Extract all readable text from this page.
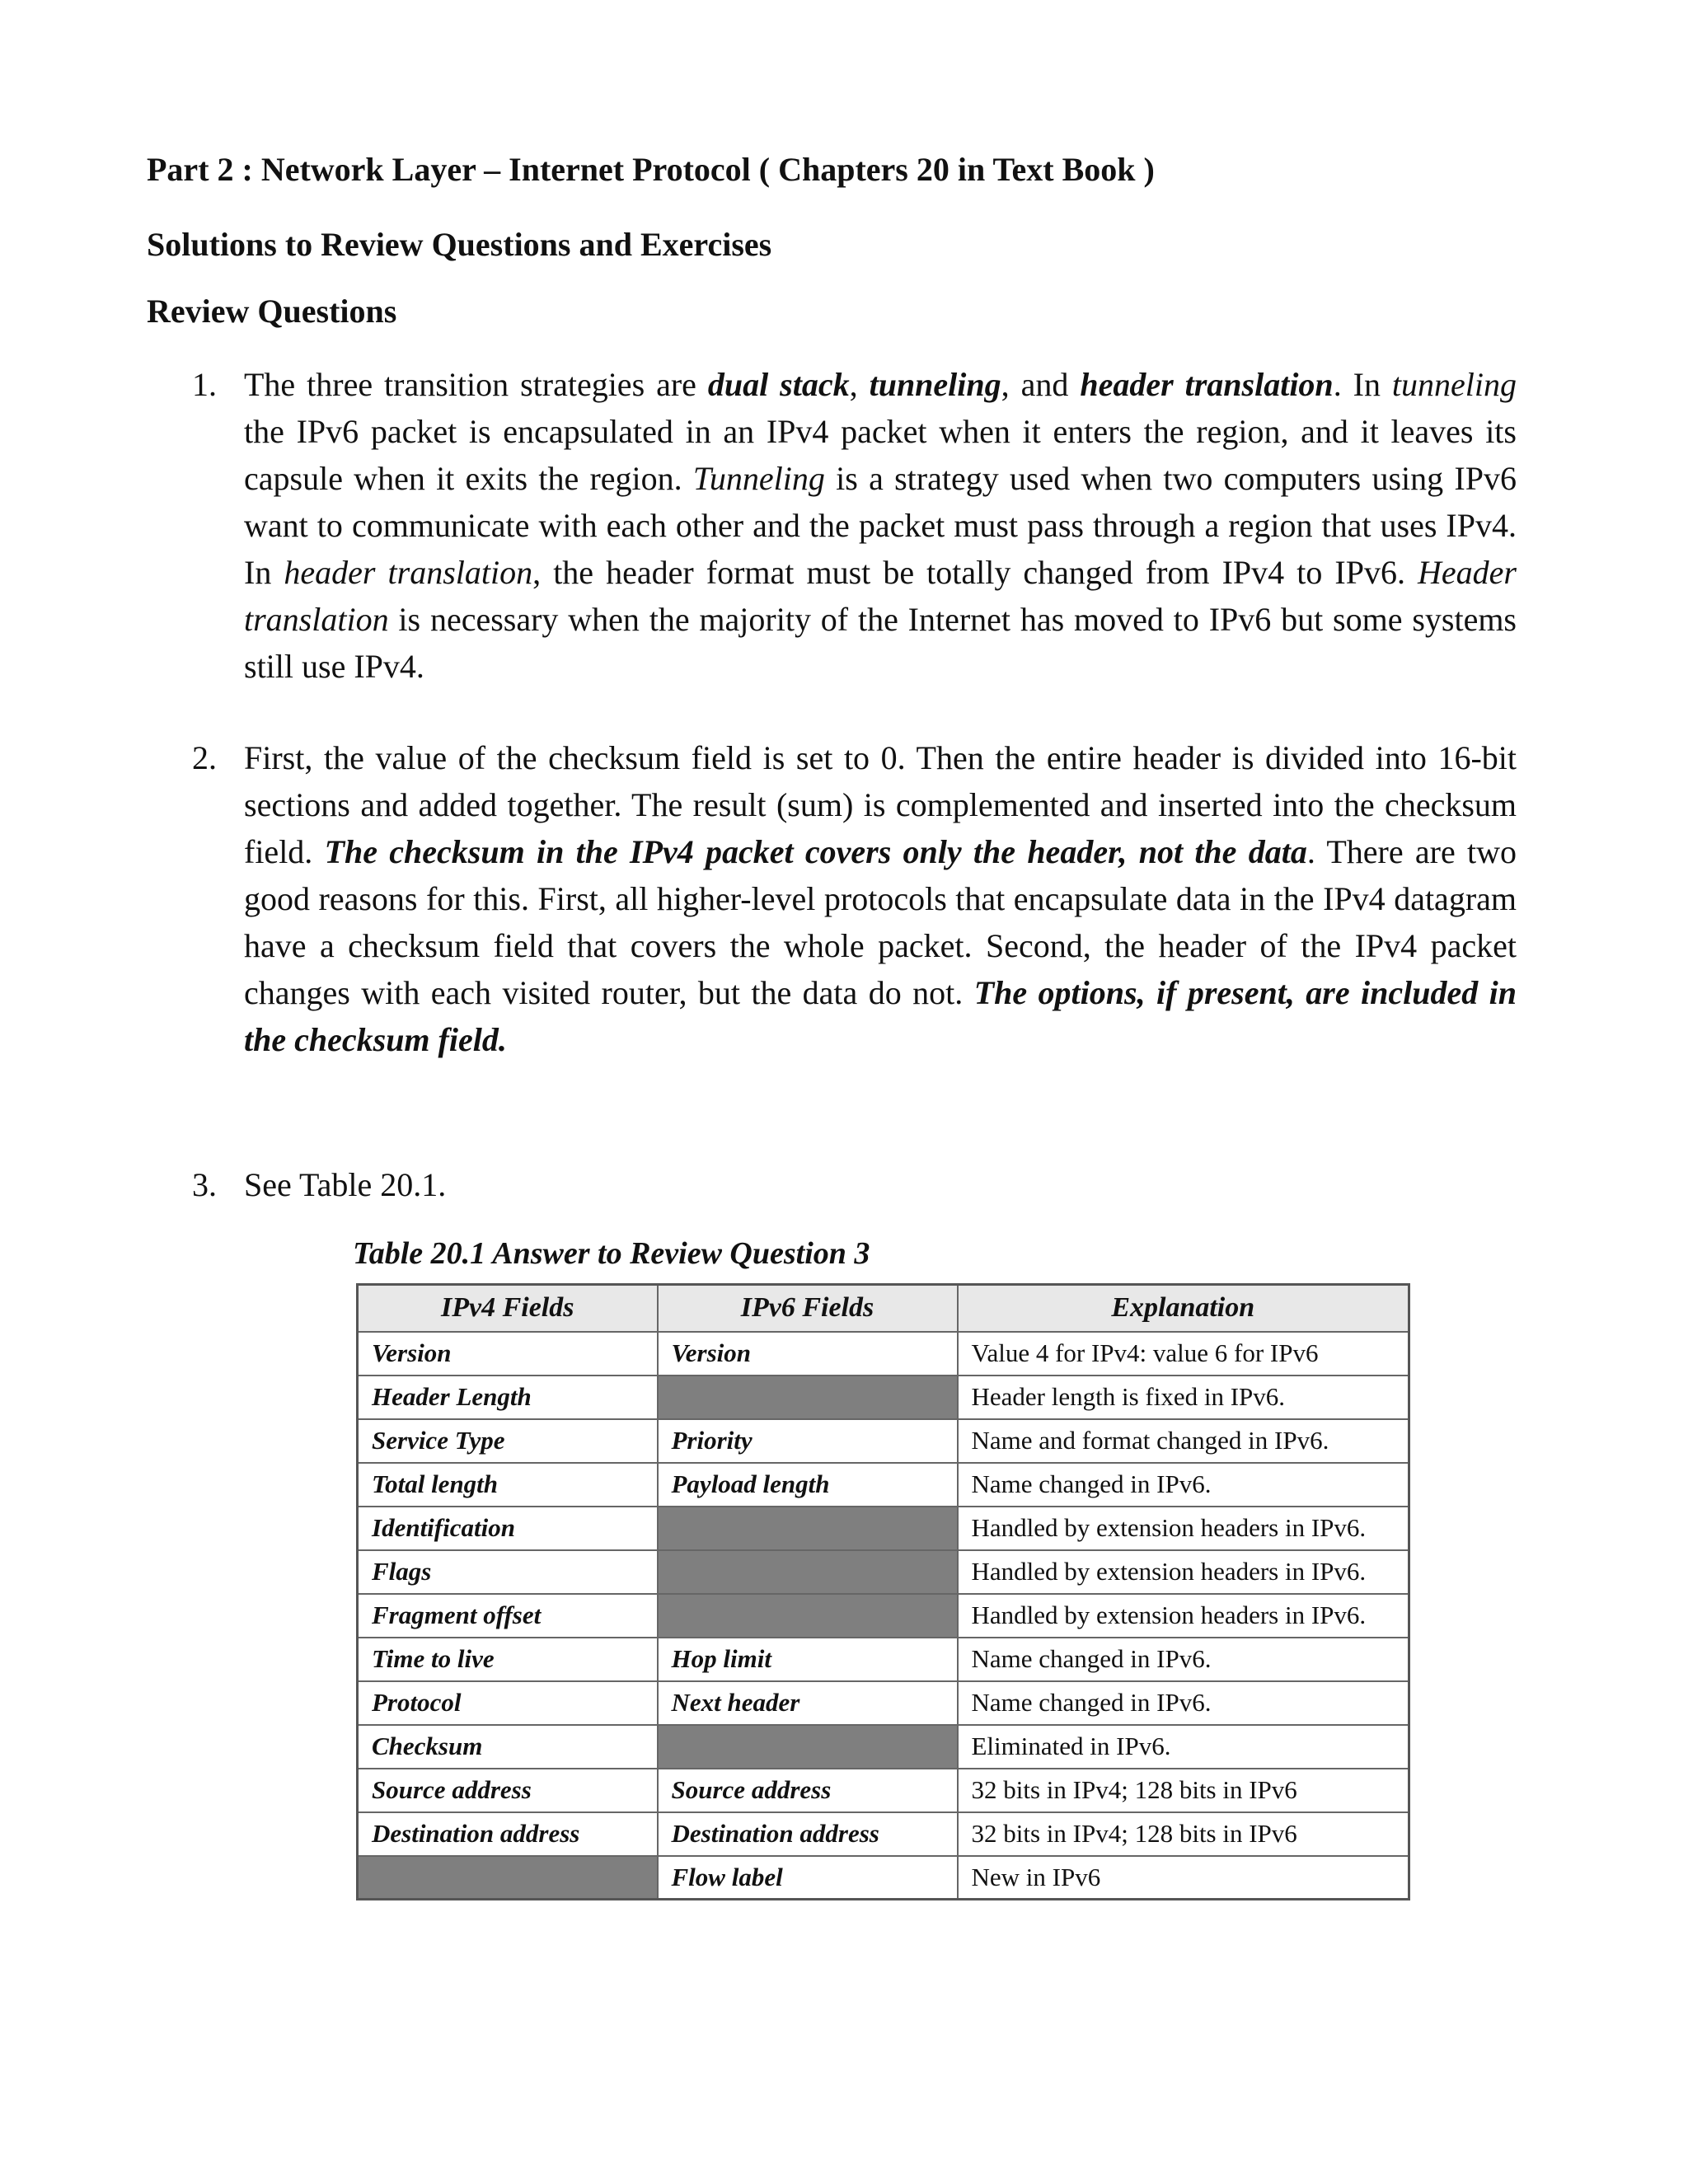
Part 2 : Network Layer – Internet Protocol ( Chapters 20 in Text Book )
Solutions to Review Questions and Exercises
Review Questions
1. The three transition strategies are dual stack, tunneling, and header translation. In tunneling the IPv6 packet is encapsulated in an IPv4 packet when it enters the region, and it leaves its capsule when it exits the region. Tunneling is a strategy used when two computers using IPv6 want to communicate with each other and the packet must pass through a region that uses IPv4. In header translation, the header format must be totally changed from IPv4 to IPv6. Header translation is necessary when the majority of the Internet has moved to IPv6 but some systems still use IPv4.
2. First, the value of the checksum field is set to 0. Then the entire header is divided into 16-bit sections and added together. The result (sum) is complemented and inserted into the checksum field. The checksum in the IPv4 packet covers only the header, not the data. There are two good reasons for this. First, all higher-level protocols that encapsulate data in the IPv4 datagram have a checksum field that covers the whole packet. Second, the header of the IPv4 packet changes with each visited router, but the data do not. The options, if present, are included in the checksum field.
3. See Table 20.1.
Table 20.1 Answer to Review Question 3
IPv4 Fields	IPv6 Fields	Explanation
Version	Version	Value 4 for IPv4: value 6 for IPv6
Header Length		Header length is fixed in IPv6.
Service Type	Priority	Name and format changed in IPv6.
Total length	Payload length	Name changed in IPv6.
Identification		Handled by extension headers in IPv6.
Flags		Handled by extension headers in IPv6.
Fragment offset		Handled by extension headers in IPv6.
Time to live	Hop limit	Name changed in IPv6.
Protocol	Next header	Name changed in IPv6.
Checksum		Eliminated in IPv6.
Source address	Source address	32 bits in IPv4; 128 bits in IPv6
Destination address	Destination address	32 bits in IPv4; 128 bits in IPv6
	Flow label	New in IPv6
